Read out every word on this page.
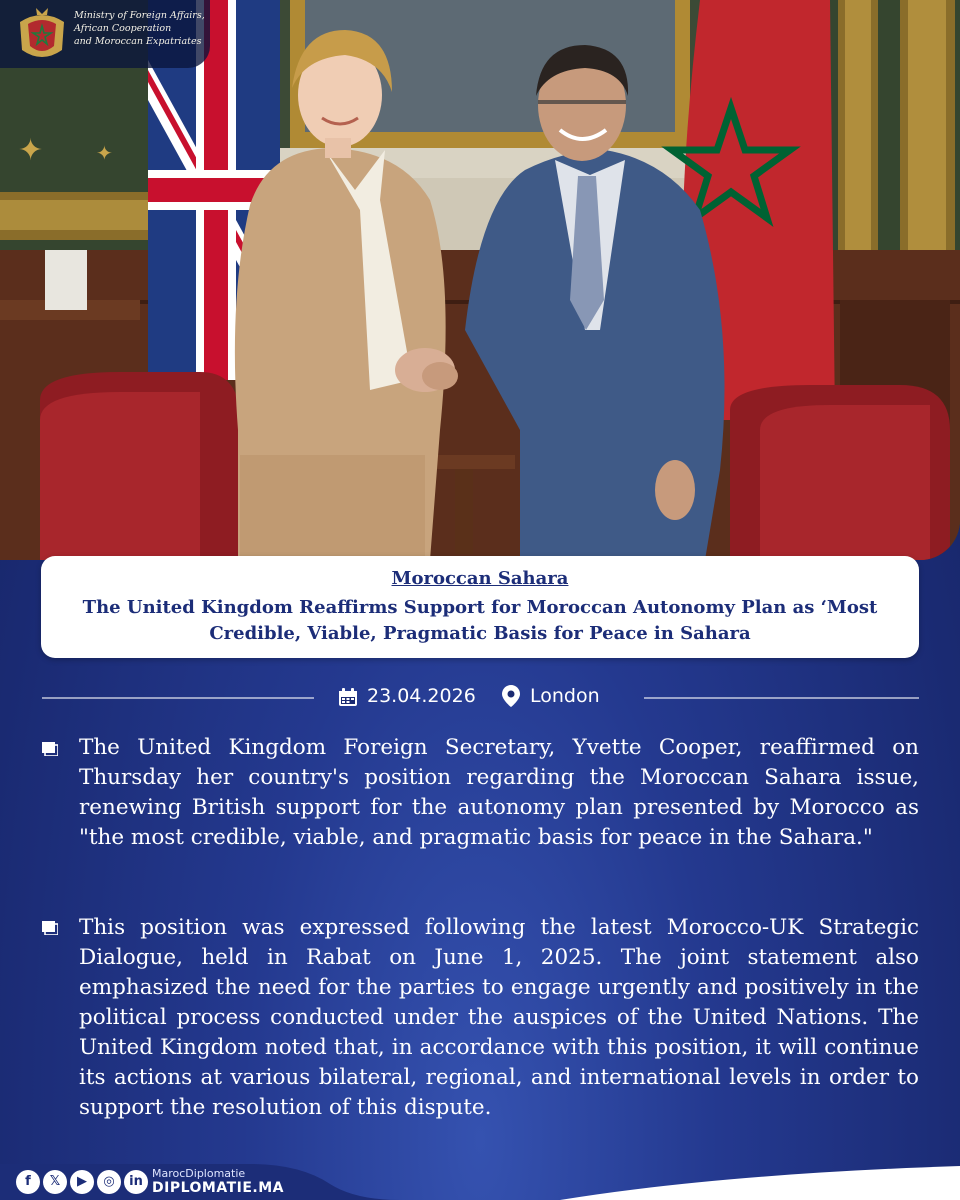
✦	✦
Ministry of Foreign Affairs,
African Cooperation
and Moroccan Expatriates
Moroccan Sahara
The United Kingdom Reaffirms Support for Moroccan Autonomy Plan as ‘Most Credible, Viable, Pragmatic Basis for Peace in Sahara
23.04.2026	London
The United Kingdom Foreign Secretary, Yvette Cooper, reaffirmed on Thursday her country's position regarding the Moroccan Sahara issue, renewing British support for the autonomy plan presented by Morocco as "the most credible, viable, and pragmatic basis for peace in the Sahara."
This position was expressed following the latest Morocco-UK Strategic Dialogue, held in Rabat on June 1, 2025. The joint statement also emphasized the need for the parties to engage urgently and positively in the political process conducted under the auspices of the United Nations. The United Kingdom noted that, in accordance with this position, it will continue its actions at various bilateral, regional, and international levels in order to support the resolution of this dispute.
f	𝕏	▶	◎	in
MarocDiplomatie
DIPLOMATIE.MA
